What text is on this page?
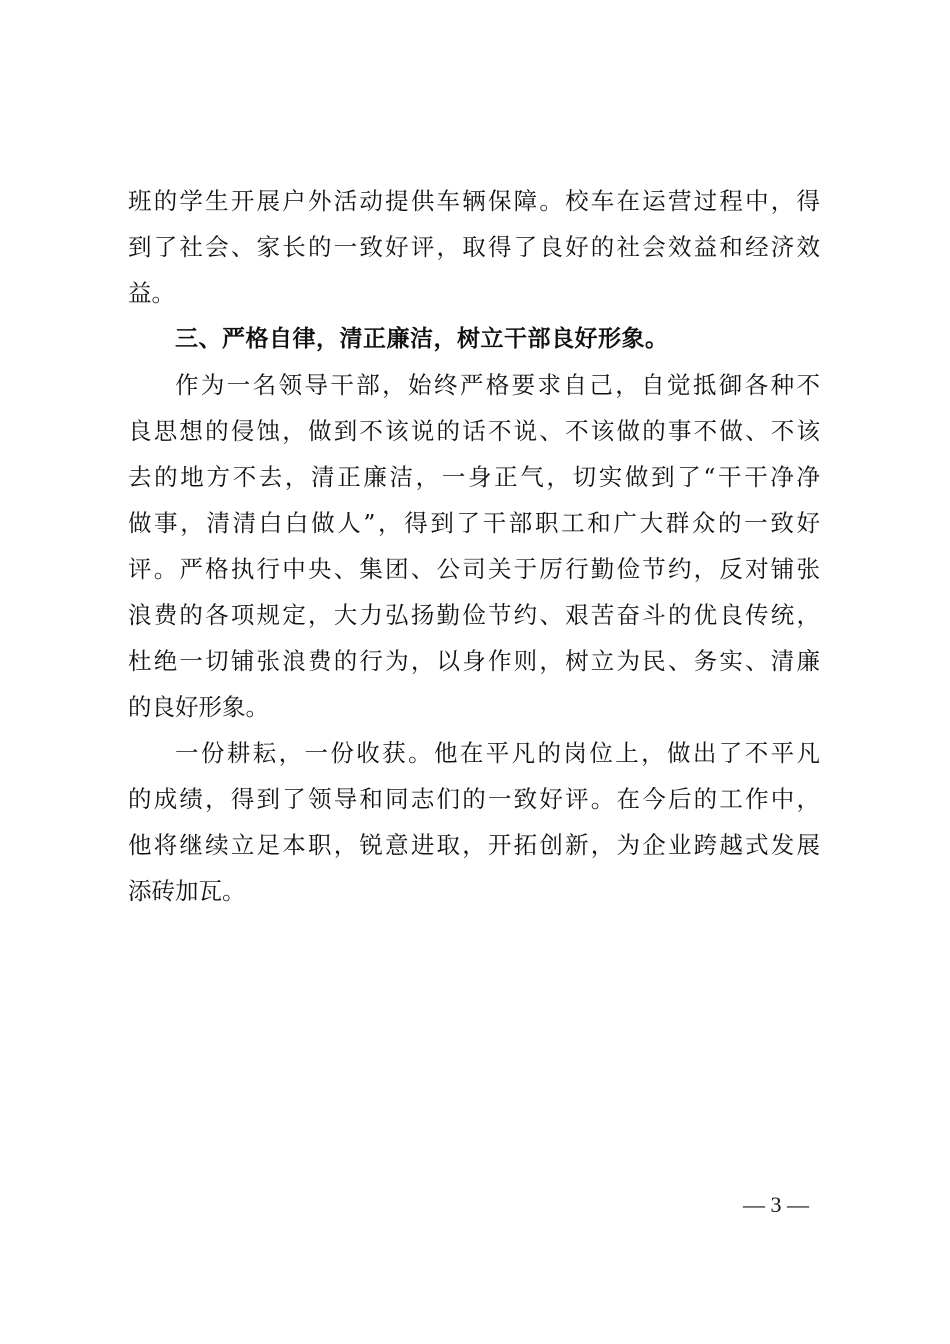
班的学生开展户外活动提供车辆保障。校车在运营过程中，得
到了社会、家长的一致好评，取得了良好的社会效益和经济效
益。
三、严格自律，清正廉洁，树立干部良好形象。
作为一名领导干部，始终严格要求自己，自觉抵御各种不
良思想的侵蚀，做到不该说的话不说、不该做的事不做、不该
去的地方不去，清正廉洁，一身正气，切实做到了“干干净净
做事，清清白白做人”，得到了干部职工和广大群众的一致好
评。严格执行中央、集团、公司关于厉行勤俭节约，反对铺张
浪费的各项规定，大力弘扬勤俭节约、艰苦奋斗的优良传统，
杜绝一切铺张浪费的行为，以身作则，树立为民、务实、清廉
的良好形象。
一份耕耘，一份收获。他在平凡的岗位上，做出了不平凡
的成绩，得到了领导和同志们的一致好评。在今后的工作中，
他将继续立足本职，锐意进取，开拓创新，为企业跨越式发展
添砖加瓦。
— 3 —
